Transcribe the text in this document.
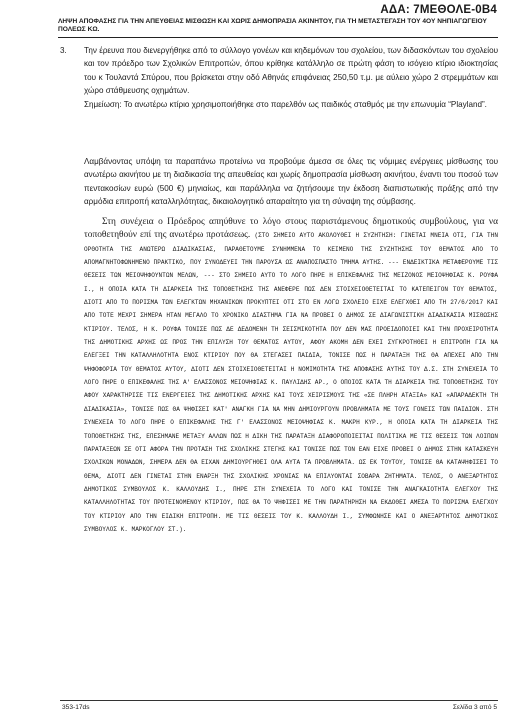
ΑΔΑ: 7ΜΕΘΟΛΕ-0Β4
ΛΗΨΗ ΑΠΟΦΑΣΗΣ ΓΙΑ ΤΗΝ ΑΠΕΥΘΕΙΑΣ ΜΙΣΘΩΣΗ ΚΑΙ ΧΩΡΙΣ ΔΗΜΟΠΡΑΣΙΑ ΑΚΙΝΗΤΟΥ, ΓΙΑ ΤΗ ΜΕΤΑΣΤΕΓΑΣΗ ΤΟΥ 4ΟΥ ΝΗΠΙΑΓΩΓΕΙΟΥ ΠΟΛΕΩΣ ΚΩ.
3. Την έρευνα που διενεργήθηκε από το σύλλογο γονέων και κηδεμόνων του σχολείου, των διδασκόντων του σχολείου και τον πρόεδρο των Σχολικών Επιτροπών, όπου κρίθηκε κατάλληλο σε πρώτη φάση το ισόγειο κτίριο ιδιοκτησίας του κ Τουλαντά Σπύρου, που βρίσκεται στην οδό Αθηνάς επιφάνειας 250,50 τ.μ. με αύλειο χώρο 2 στρεμμάτων και χώρο στάθμευσης οχημάτων.

Σημείωση: Το ανωτέρω κτίριο χρησιμοποιήθηκε στο παρελθόν ως παιδικός σταθμός με την επωνυμία “Playland”.

Λαμβάνοντας υπόψη τα παραπάνω προτείνω να προβούμε άμεσα σε όλες τις νόμιμες ενέργειες μίσθωσης του ανωτέρω ακινήτου με τη διαδικασία της απευθείας και χωρίς δημοπρασία μίσθωση ακινήτου, έναντι του ποσού των πεντακοσίων ευρώ (500 €) μηνιαίως, και παράλληλα να ζητήσουμε την έκδοση διαπιστωτικής πράξης από την αρμόδια επιτροπή καταλληλότητας, δικαιολογητικό απαραίτητο για τη σύναψη της σύμβασης.

Στη συνέχεια ο Πρόεδρος απηύθυνε το λόγο στους παριστάμενους δημοτικούς συμβούλους, για να τοποθετηθούν επί της ανωτέρω προτάσεως. (ΣΤΟ ΣΗΜΕΙΟ ΑΥΤΟ ΑΚΟΛΟΥΘΕΙ Η ΣΥΖΗΤΗΣΗ: ΓΙΝΕΤΑΙ ΜΝΕΙΑ ΟΤΙ, ΓΙΑ ΤΗΝ ΟΡΘΟΤΗΤΑ ΤΗΣ ΑΝΩΤΕΡΩ ΔΙΑΔΙΚΑΣΙΑΣ, ΠΑΡΑΘΕΤΟΥΜΕ ΣΥΝΗΜΜΕΝΑ ΤΟ ΚΕΙΜΕΝΟ ΤΗΣ ΣΥΖΗΤΗΣΗΣ ΤΟΥ ΘΕΜΑΤΟΣ ΑΠΟ ΤΟ ΑΠΟΜΑΓΝΗΤΟΦΩΝΗΜΕΝΟ ΠΡΑΚΤΙΚΟ, ΠΟΥ ΣΥΝΟΔΕΥΕΙ ΤΗΝ ΠΑΡΟΥΣΑ ΩΣ ΑΝΑΠΟΣΠΑΣΤΟ ΤΜΗΜΑ ΑΥΤΗΣ. --- ΕΝΔΕΙΚΤΙΚΑ ΜΕΤΑΦΕΡΟΥΜΕ ΤΙΣ ΘΕΣΕΙΣ ΤΩΝ ΜΕΙΟΨΗΦΟΥΝΤΩΝ ΜΕΛΩΝ, --- ΣΤΟ ΣΗΜΕΙΟ ΑΥΤΟ ΤΟ ΛΟΓΟ ΠΗΡΕ Η ΕΠΙΚΕΦΑΛΗΣ ΤΗΣ ΜΕΙΖΟΝΟΣ ΜΕΙΟΨΗΦΙΑΣ Κ. ΡΟΥΦΑ Ι., Η ΟΠΟΙΑ ΚΑΤΑ ΤΗ ΔΙΑΡΚΕΙΑ ΤΗΣ ΤΟΠΟΘΕΤΗΣΗΣ ΤΗΣ ΑΝΕΦΕΡΕ ΠΩΣ ΔΕΝ ΣΤΟΙΧΕΙΟΘΕΤΕΙΤΑΙ ΤΟ ΚΑΤΕΠΕΙΓΟΝ ΤΟΥ ΘΕΜΑΤΟΣ, ΔΙΟΤΙ ΑΠΟ ΤΟ ΠΟΡΙΣΜΑ ΤΩΝ ΕΛΕΓΚΤΩΝ ΜΗΧΑΝΙΚΩΝ ΠΡΟΚΥΠΤΕΙ ΟΤΙ ΣΤΟ ΕΝ ΛΟΓΩ ΣΧΟΛΕΙΟ ΕΙΧΕ ΕΛΕΓΧΘΕΙ ΑΠΟ ΤΗ 27/6/2017 ΚΑΙ ΑΠΟ ΤΟΤΕ ΜΕΧΡΙ ΣΗΜΕΡΑ ΗΤΑΝ ΜΕΓΑΛΟ ΤΟ ΧΡΟΝΙΚΟ ΔΙΑΣΤΗΜΑ ΓΙΑ ΝΑ ΠΡΟΒΕΙ Ο ΔΗΜΟΣ ΣΕ ΔΙΑΓΩΝΙΣΤΙΚΗ ΔΙΑΔΙΚΑΣΙΑ ΜΙΣΘΩΣΗΣ ΚΤΙΡΙΟΥ. ΤΕΛΟΣ, Η Κ. ΡΟΥΦΑ ΤΟΝΙΣΕ ΠΩΣ ΔΕ ΔΕΔΟΜΕΝΗ ΤΗ ΣΕΙΣΜΙΚΟΤΗΤΑ ΠΟΥ ΔΕΝ ΜΑΣ ΠΡΟΕΙΔΟΠΟΙΕΙ ΚΑΙ ΤΗΝ ΠΡΟΧΕΙΡΟΤΗΤΑ ΤΗΣ ΔΗΜΟΤΙΚΗΣ ΑΡΧΗΣ ΩΣ ΠΡΟΣ ΤΗΝ ΕΠΙΛΥΣΗ ΤΟΥ ΘΕΜΑΤΟΣ ΑΥΤΟΥ, ΑΦΟΥ ΑΚΟΜΗ ΔΕΝ ΕΧΕΙ ΣΥΓΚΡΟΤΗΘΕΙ Η ΕΠΙΤΡΟΠΗ ΓΙΑ ΝΑ ΕΛΕΓΞΕΙ ΤΗΝ ΚΑΤΑΛΛΗΛΟΤΗΤΑ ΕΝΟΣ ΚΤΙΡΙΟΥ ΠΟΥ ΘΑ ΣΤΕΓΑΣΕΙ ΠΑΙΔΙΑ, ΤΟΝΙΣΕ ΠΩΣ Η ΠΑΡΑΤΑΞΗ ΤΗΣ ΘΑ ΑΠΕΧΕΙ ΑΠΟ ΤΗΝ ΨΗΦΟΦΟΡΙΑ ΤΟΥ ΘΕΜΑΤΟΣ ΑΥΤΟΥ, ΔΙΟΤΙ ΔΕΝ ΣΤΟΙΧΕΙΟΘΕΤΕΙΤΑΙ Η ΝΟΜΙΜΟΤΗΤΑ ΤΗΣ ΑΠΟΦΑΣΗΣ ΑΥΤΗΣ ΤΟΥ Δ.Σ. ΣΤΗ ΣΥΝΕΧΕΙΑ ΤΟ ΛΟΓΟ ΠΗΡΕ Ο ΕΠΙΚΕΦΑΛΗΣ ΤΗΣ Α' ΕΛΑΣΣΟΝΟΣ ΜΕΙΟΨΗΦΙΑΣ Κ. ΠΑΥΛΙΔΗΣ ΑΡ., Ο ΟΠΟΙΟΣ ΚΑΤΑ ΤΗ ΔΙΑΡΚΕΙΑ ΤΗΣ ΤΟΠΟΘΕΤΗΣΗΣ ΤΟΥ ΑΦΟΥ ΧΑΡΑΚΤΗΡΙΣΕ ΤΙΣ ΕΝΕΡΓΕΙΕΣ ΤΗΣ ΔΗΜΟΤΙΚΗΣ ΑΡΧΗΣ ΚΑΙ ΤΟΥΣ ΧΕΙΡΙΣΜΟΥΣ ΤΗΣ «ΣΕ ΠΛΗΡΗ ΑΤΑΞΙΑ» ΚΑΙ «ΑΠΑΡΑΔΕΚΤΗ ΤΗ ΔΙΑΔΙΚΑΣΙΑ», ΤΟΝΙΣΕ ΠΩΣ ΘΑ ΨΗΦΙΣΕΙ ΚΑΤ' ΑΝΑΓΚΗ ΓΙΑ ΝΑ ΜΗΝ ΔΗΜΙΟΥΡΓΟΥΝ ΠΡΟΒΛΗΜΑΤΑ ΜΕ ΤΟΥΣ ΓΟΝΕΙΣ ΤΩΝ ΠΑΙΔΙΩΝ. ΣΤΗ ΣΥΝΕΧΕΙΑ ΤΟ ΛΟΓΟ ΠΗΡΕ Ο ΕΠΙΚΕΦΑΛΗΣ ΤΗΣ Γ' ΕΛΑΣΣΟΝΟΣ ΜΕΙΟΨΗΦΙΑΣ Κ. ΜΑΚΡΗ ΚΥΡ., Η ΟΠΟΙΑ ΚΑΤΑ ΤΗ ΔΙΑΡΚΕΙΑ ΤΗΣ ΤΟΠΟΘΕΤΗΣΗΣ ΤΗΣ, ΕΠΕΣΗΜΑΝΕ ΜΕΤΑΞΥ ΑΛΛΩΝ ΠΩΣ Η ΔΙΚΗ ΤΗΣ ΠΑΡΑΤΑΞΗ ΔΙΑΦΟΡΟΠΟΙΕΙΤΑΙ ΠΟΛΙΤΙΚΑ ΜΕ ΤΙΣ ΘΕΣΕΙΣ ΤΩΝ ΛΟΙΠΩΝ ΠΑΡΑΤΑΞΕΩΝ ΣΕ ΟΤΙ ΑΦΟΡΑ ΤΗΝ ΠΡΟΤΑΣΗ ΤΗΣ ΣΧΟΛΙΚΗΣ ΣΤΕΓΗΣ ΚΑΙ ΤΟΝΙΣΕ ΠΩΣ ΤΟΝ ΕΑΝ ΕΙΧΕ ΠΡΟΒΕΙ Ο ΔΗΜΟΣ ΣΤΗΝ ΚΑΤΑΣΚΕΥΗ ΣΧΟΛΙΚΩΝ ΜΟΝΑΔΩΝ, ΣΗΜΕΡΑ ΔΕΝ ΘΑ ΕΙΧΑΝ ΔΗΜΙΟΥΡΓΗΘΕΙ ΟΛΑ ΑΥΤΑ ΤΑ ΠΡΟΒΛΗΜΑΤΑ. ΩΣ ΕΚ ΤΟΥΤΟΥ, ΤΟΝΙΣΕ ΘΑ ΚΑΤΑΨΗΦΙΣΕΙ ΤΟ ΘΕΜΑ, ΔΙΟΤΙ ΔΕΝ ΓΙΝΕΤΑΙ ΣΤΗΝ ΕΝΑΡΞΗ ΤΗΣ ΣΧΟΛΙΚΗΣ ΧΡΟΝΙΑΣ ΝΑ ΕΠΙΛΥΟΝΤΑΙ ΣΟΒΑΡΑ ΖΗΤΗΜΑΤΑ. ΤΕΛΟΣ, Ο ΑΝΕΞΑΡΤΗΤΟΣ ΔΗΜΟΤΙΚΟΣ ΣΥΜΒΟΥΛΟΣ Κ. ΚΑΛΛΟΥΔΗΣ Ι., ΠΗΡΕ ΣΤΗ ΣΥΝΕΧΕΙΑ ΤΟ ΛΟΓΟ ΚΑΙ ΤΟΝΙΣΕ ΤΗΝ ΑΝΑΓΚΑΙΟΤΗΤΑ ΕΛΕΓΧΟΥ ΤΗΣ ΚΑΤΑΛΛΗΛΟΤΗΤΑΣ ΤΟΥ ΠΡΟΤΕΙΝΟΜΕΝΟΥ ΚΤΙΡΙΟΥ, ΠΩΣ ΘΑ ΤΟ ΨΗΦΙΣΕΙ ΜΕ ΤΗΝ ΠΑΡΑΤΗΡΗΣΗ ΝΑ ΕΚΔΟΘΕΙ ΑΜΕΣΑ ΤΟ ΠΟΡΙΣΜΑ ΕΛΕΓΧΟΥ ΤΟΥ ΚΤΙΡΙΟΥ ΑΠΟ ΤΗΝ ΕΙΔΙΚΗ ΕΠΙΤΡΟΠΗ. ΜΕ ΤΙΣ ΘΕΣΕΙΣ ΤΟΥ Κ. ΚΑΛΛΟΥΔΗ Ι., ΣΥΜΦΩΝΗΣΕ ΚΑΙ Ο ΑΝΕΞΑΡΤΗΤΟΣ ΔΗΜΟΤΙΚΟΣ ΣΥΜΒΟΥΛΟΣ Κ. ΜΑΡΚΟΓΛΟΥ ΣΤ.).

353-17ds	Σελίδα 3 από 5
